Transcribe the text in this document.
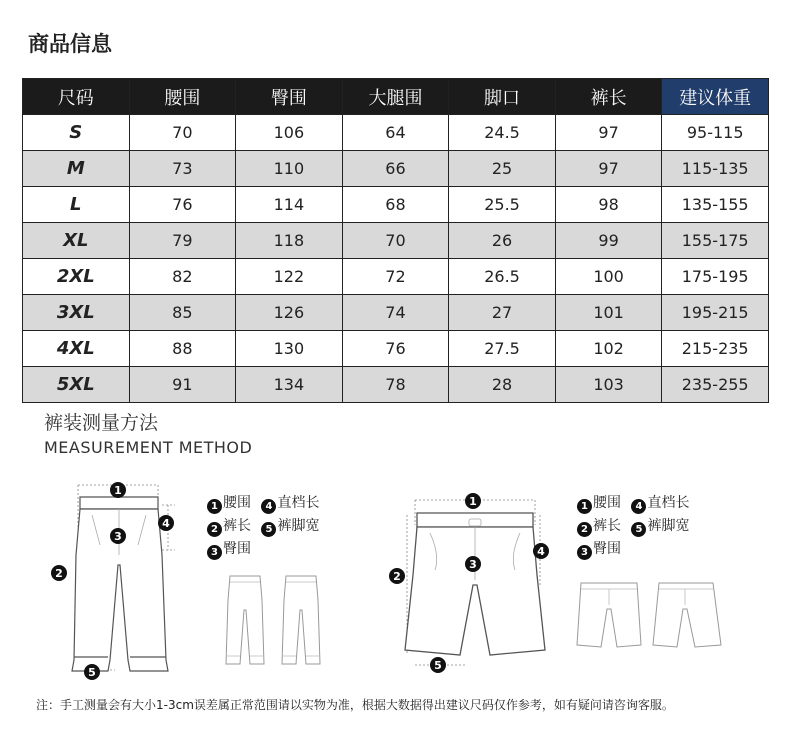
商品信息
尺码	腰围	臀围	大腿围	脚口	裤长	建议体重
S	70	106	64	24.5	97	95-115
M	73	110	66	25	97	115-135
L	76	114	68	25.5	98	135-155
XL	79	118	70	26	99	155-175
2XL	82	122	72	26.5	100	175-195
3XL	85	126	74	27	101	195-215
4XL	88	130	76	27.5	102	215-235
5XL	91	134	78	28	103	235-255
裤装测量方法
MEASUREMENT METHOD
1
3
2
4
5
1 腰围 4 直档长
2 裤长 5 裤脚宽
3 臀围
1
3
2
4
5
1 腰围 4 直档长
2 裤长 5 裤脚宽
3 臀围
注：手工测量会有大小1-3cm误差属正常范围请以实物为准，根据大数据得出建议尺码仅作参考，如有疑问请咨询客服。
